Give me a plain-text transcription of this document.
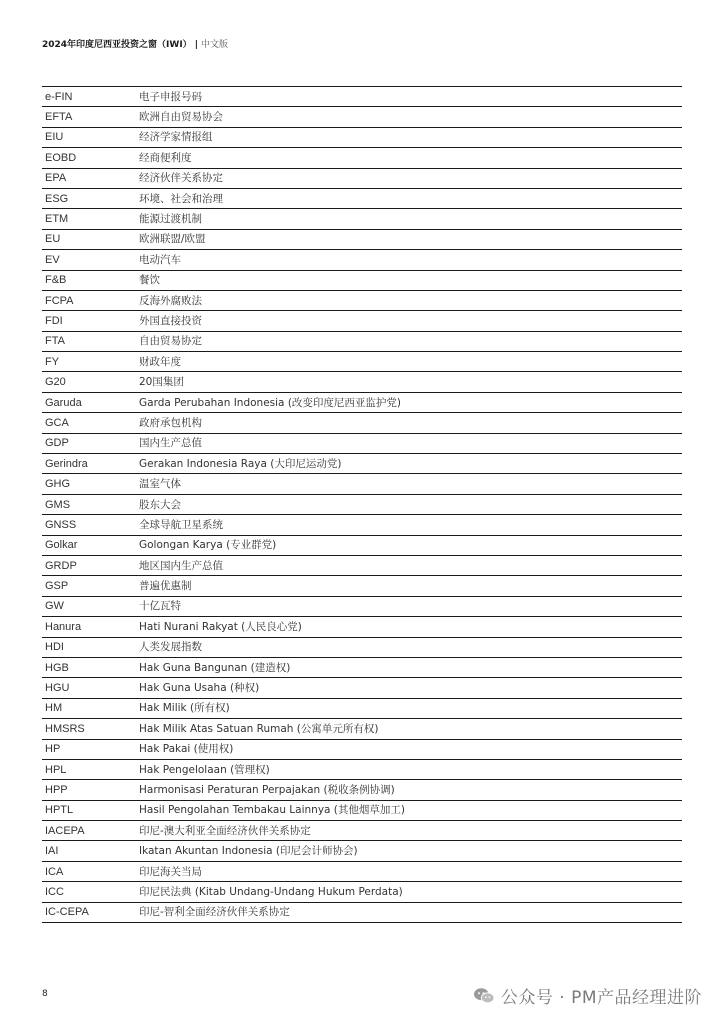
2024年印度尼西亚投资之窗（IWI） | 中文版
e-FIN	电子申报号码
EFTA	欧洲自由贸易协会
EIU	经济学家情报组
EOBD	经商便利度
EPA	经济伙伴关系协定
ESG	环境、社会和治理
ETM	能源过渡机制
EU	欧洲联盟/欧盟
EV	电动汽车
F&B	餐饮
FCPA	反海外腐败法
FDI	外国直接投资
FTA	自由贸易协定
FY	财政年度
G20	20国集团
Garuda	Garda Perubahan Indonesia (改变印度尼西亚监护党)
GCA	政府承包机构
GDP	国内生产总值
Gerindra	Gerakan Indonesia Raya (大印尼运动党)
GHG	温室气体
GMS	股东大会
GNSS	全球导航卫星系统
Golkar	Golongan Karya (专业群党)
GRDP	地区国内生产总值
GSP	普遍优惠制
GW	十亿瓦特
Hanura	Hati Nurani Rakyat (人民良心党)
HDI	人类发展指数
HGB	Hak Guna Bangunan (建造权)
HGU	Hak Guna Usaha (种权)
HM	Hak Milik (所有权)
HMSRS	Hak Milik Atas Satuan Rumah (公寓单元所有权)
HP	Hak Pakai (使用权)
HPL	Hak Pengelolaan (管理权)
HPP	Harmonisasi Peraturan Perpajakan (税收条例协调)
HPTL	Hasil Pengolahan Tembakau Lainnya (其他烟草加工)
IACEPA	印尼-澳大利亚全面经济伙伴关系协定
IAI	Ikatan Akuntan Indonesia (印尼会计师协会)
ICA	印尼海关当局
ICC	印尼民法典 (Kitab Undang-Undang Hukum Perdata)
IC-CEPA	印尼-智利全面经济伙伴关系协定
8	公众号 · PM产品经理进阶
